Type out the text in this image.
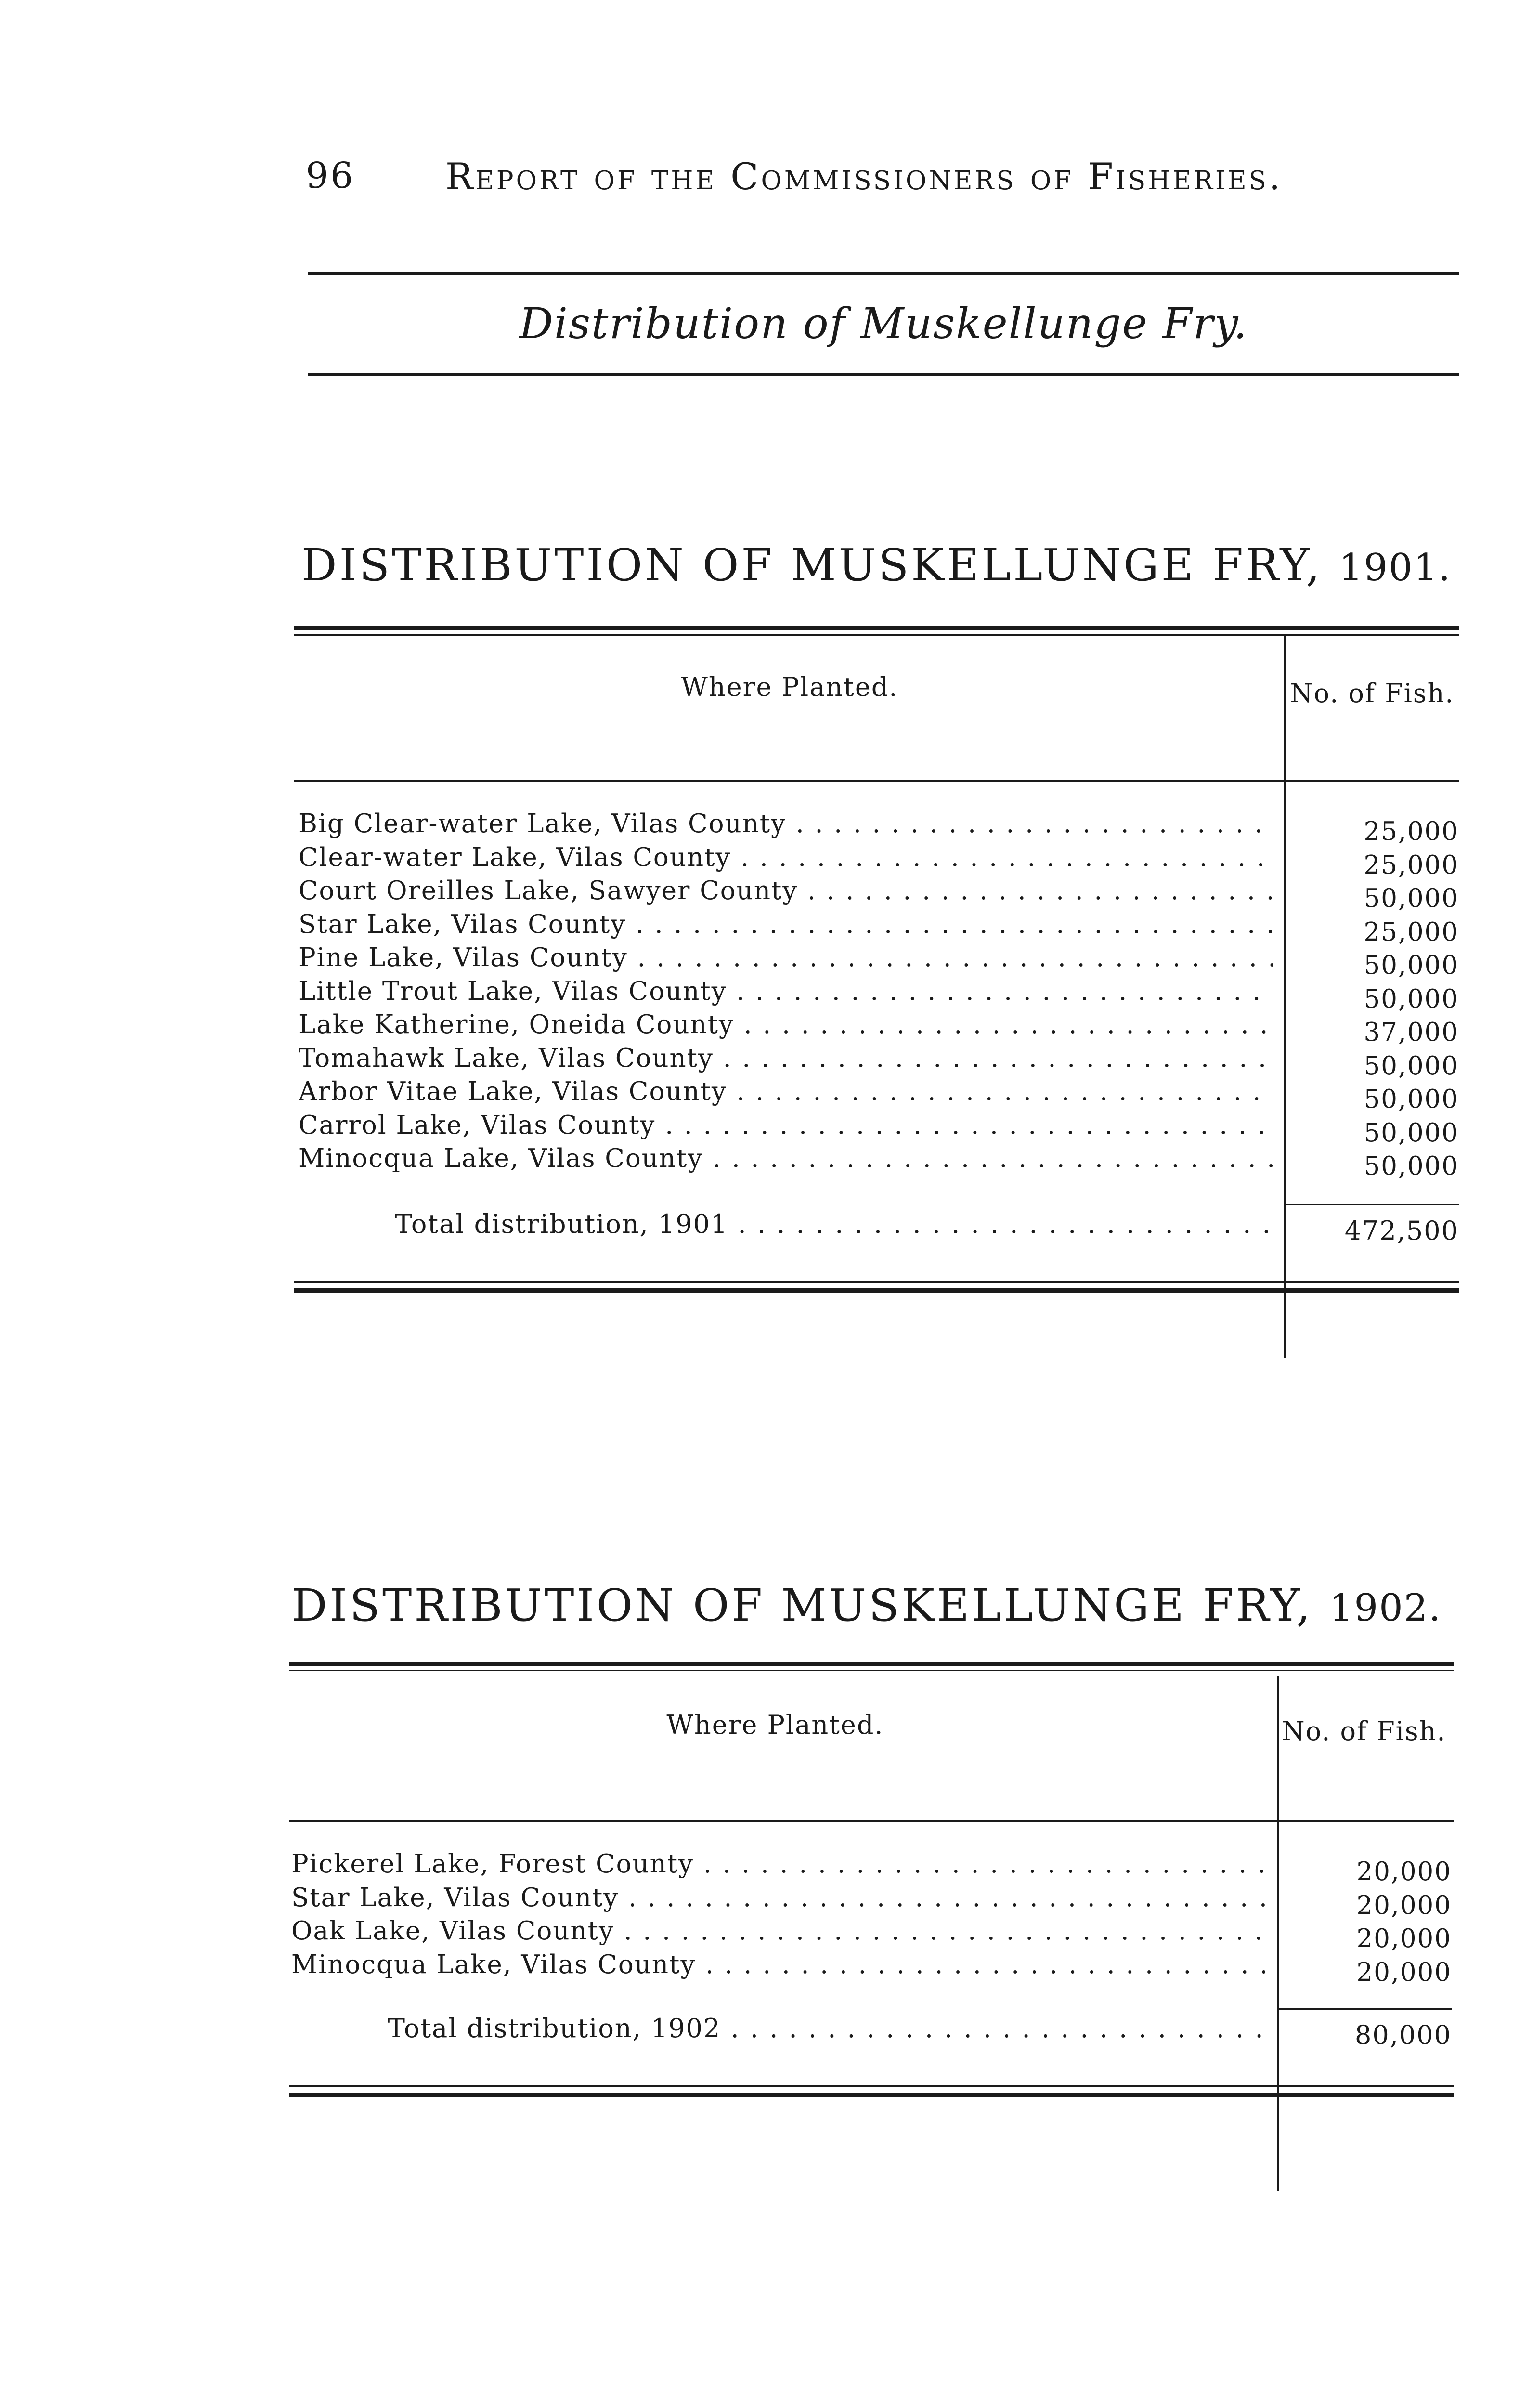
96 Report of the Commissioners of Fisheries.
Distribution of Muskellunge Fry.
DISTRIBUTION OF MUSKELLUNGE FRY, 1901.
Where Planted.	No. of Fish.
Big Clear-water Lake, Vilas County . . .	25,000
Clear-water Lake, Vilas County . . .	25,000
Court Oreilles Lake, Sawyer County . . .	50,000
Star Lake, Vilas County . . .	25,000
Pine Lake, Vilas County . . .	50,000
Little Trout Lake, Vilas County . . .	50,000
Lake Katherine, Oneida County . . .	37,000
Tomahawk Lake, Vilas County . . .	50,000
Arbor Vitae Lake, Vilas County . . .	50,000
Carrol Lake, Vilas County . . .	50,000
Minocqua Lake, Vilas County . . .	50,000
Total distribution, 1901 . . .	472,500
DISTRIBUTION OF MUSKELLUNGE FRY, 1902.
Where Planted.	No. of Fish.
Pickerel Lake, Forest County . . .	20,000
Star Lake, Vilas County . . .	20,000
Oak Lake, Vilas County . . .	20,000
Minocqua Lake, Vilas County . . .	20,000
Total distribution, 1902 . . .	80,000
